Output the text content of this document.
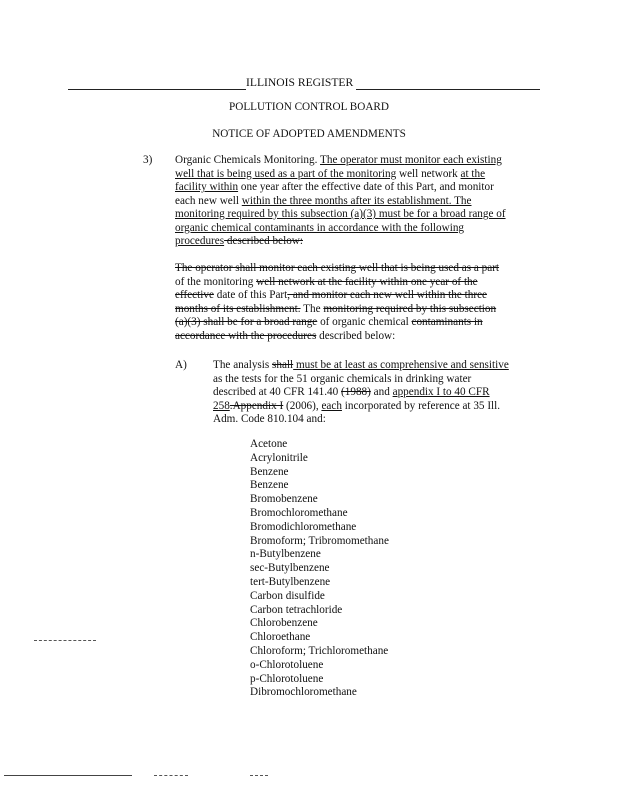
ILLINOIS REGISTER
POLLUTION CONTROL BOARD
NOTICE OF ADOPTED AMENDMENTS
3) Organic Chemicals Monitoring. The operator must monitor each existing
well that is being used as a part of the monitoring well network at the
facility within one year after the effective date of this Part, and monitor
each new well within the three months after its establishment. The
monitoring required by this subsection (a)(3) must be for a broad range of
organic chemical contaminants in accordance with the following
procedures described below:
The operator shall monitor each existing well that is being used as a part
of the monitoring well network at the facility within one year of the
effective date of this Part, and monitor each new well within the three
months of its establishment. The monitoring required by this subsection
(a)(3) shall be for a broad range of organic chemical contaminants in
accordance with the procedures described below:
A) The analysis shall must be at least as comprehensive and sensitive
as the tests for the 51 organic chemicals in drinking water
described at 40 CFR 141.40 (1988) and appendix I to 40 CFR
258.Appendix I (2006), each incorporated by reference at 35 Ill.
Adm. Code 810.104 and:
Acetone
Acrylonitrile
Benzene
Benzene
Bromobenzene
Bromochloromethane
Bromodichloromethane
Bromoform; Tribromomethane
n-Butylbenzene
sec-Butylbenzene
tert-Butylbenzene
Carbon disulfide
Carbon tetrachloride
Chlorobenzene
Chloroethane
Chloroform; Trichloromethane
o-Chlorotoluene
p-Chlorotoluene
Dibromochloromethane
